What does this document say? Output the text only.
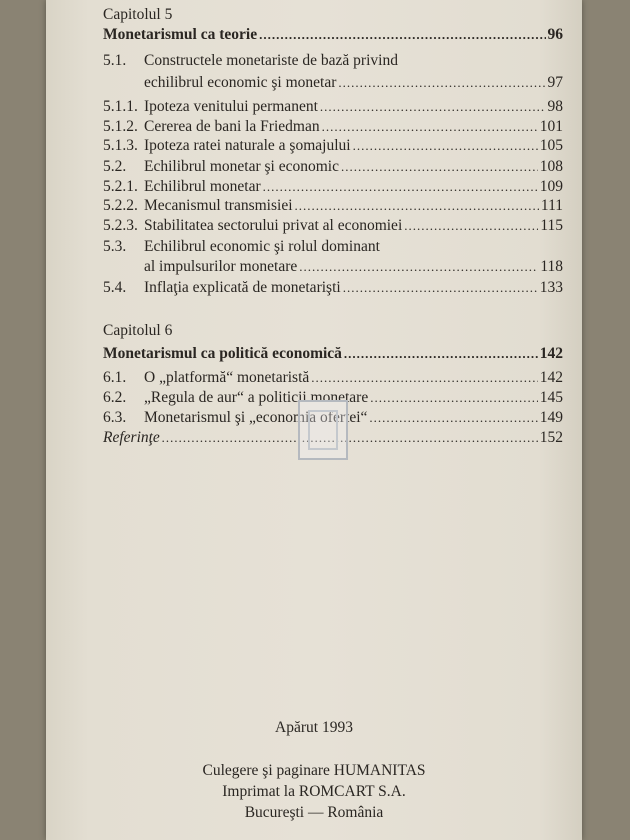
Capitolul 5
Monetarismul ca teorie .....	96
5.1. Constructele monetariste de bază privind
echilibrul economic şi monetar .....	97
5.1.1. Ipoteza venitului permanent .....	98
5.1.2. Cererea de bani la Friedman .....	101
5.1.3. Ipoteza ratei naturale a şomajului .....	105
5.2. Echilibrul monetar şi economic .....	108
5.2.1. Echilibrul monetar .....	109
5.2.2. Mecanismul transmisiei .....	111
5.2.3. Stabilitatea sectorului privat al economiei .....	115
5.3. Echilibrul economic şi rolul dominant
al impulsurilor monetare .....	118
5.4. Inflaţia explicată de monetarişti .....	133
Capitolul 6
Monetarismul ca politică economică .....	142
6.1. O „platformă“ monetaristă .....	142
6.2. „Regula de aur“ a politicii monetare .....	145
6.3. Monetarismul şi „economia ofertei“ .....	149
Referinţe .....	152
Apărut 1993
Culegere şi paginare HUMANITAS
Imprimat la ROMCART S.A.
Bucureşti — România
